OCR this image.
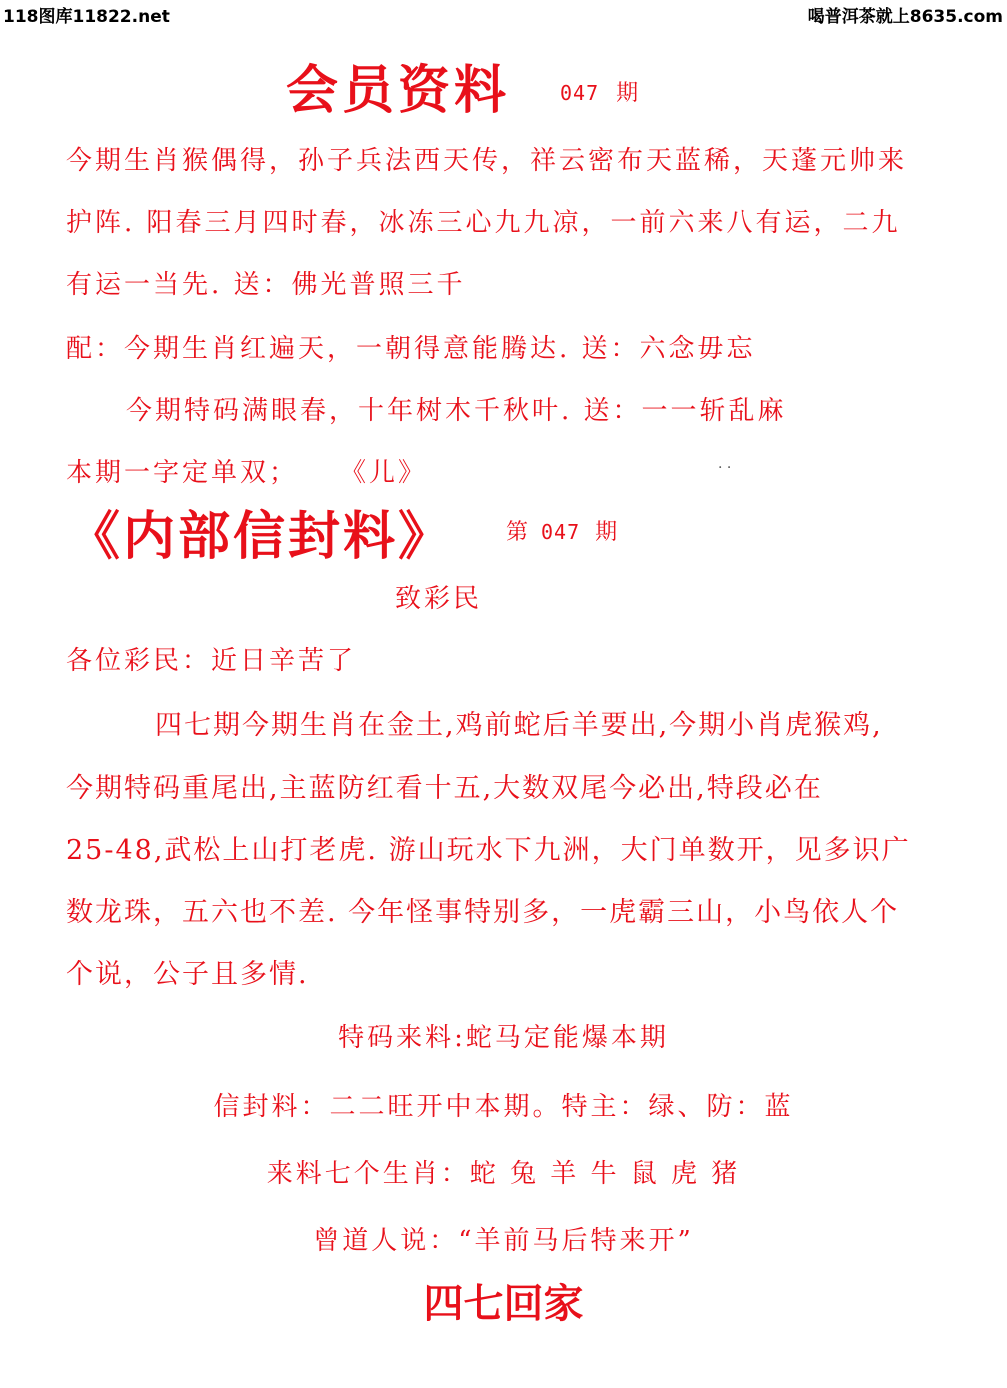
118图库11822.net	喝普洱茶就上8635.com
会员资料 047 期
今期生肖猴偶得，孙子兵法西天传，祥云密布天蓝稀，天蓬元帅来
护阵. 阳春三月四时春，冰冻三心九九凉，一前六来八有运，二九
有运一当先. 送：佛光普照三千
配：今期生肖红遍天，一朝得意能腾达. 送：六念毋忘
今期特码满眼春，十年树木千秋叶. 送：一一斩乱麻
本期一字定单双； 《儿》	· ·
《内部信封料》 第 047 期
致彩民
各位彩民：近日辛苦了
四七期今期生肖在金土,鸡前蛇后羊要出,今期小肖虎猴鸡,
今期特码重尾出,主蓝防红看十五,大数双尾今必出,特段必在
25-48,武松上山打老虎. 游山玩水下九洲，大门单数开，见多识广
数龙珠，五六也不差. 今年怪事特别多，一虎霸三山，小鸟依人个
个说，公子且多情.
特码来料:蛇马定能爆本期
信封料：二二旺开中本期。特主：绿、防：蓝
来料七个生肖：蛇 兔 羊 牛 鼠 虎 猪
曾道人说：“羊前马后特来开”
四七回家
